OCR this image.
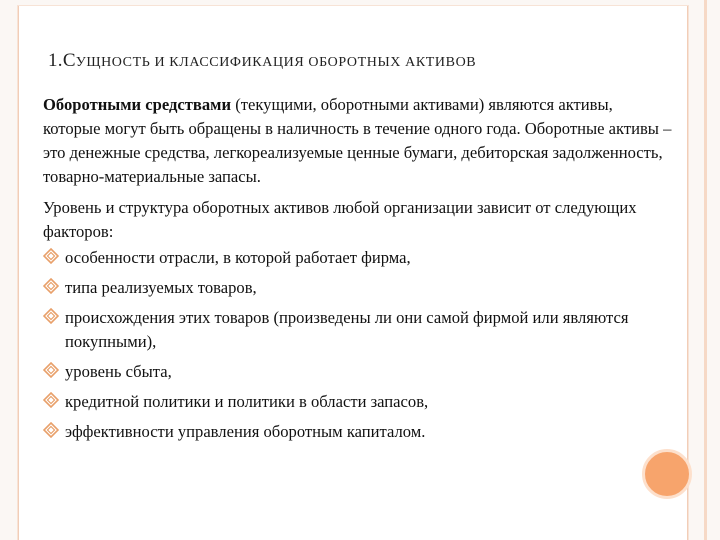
1.СУЩНОСТЬ И КЛАССИФИКАЦИЯ ОБОРОТНЫХ АКТИВОВ

Оборотными средствами (текущими, оборотными активами) являются активы, которые могут быть обращены в наличность в течение одного года. Оборотные активы – это денежные средства, легкореализуемые ценные бумаги, дебиторская задолженность, товарно-материальные запасы.

Уровень и структура оборотных активов любой организации зависит от следующих факторов:

особенности отрасли, в которой работает фирма,
типа реализуемых товаров,
происхождения этих товаров (произведены ли они самой фирмой или являются покупными),
уровень сбыта,
кредитной политики и политики в области запасов,
эффективности управления оборотным капиталом.
